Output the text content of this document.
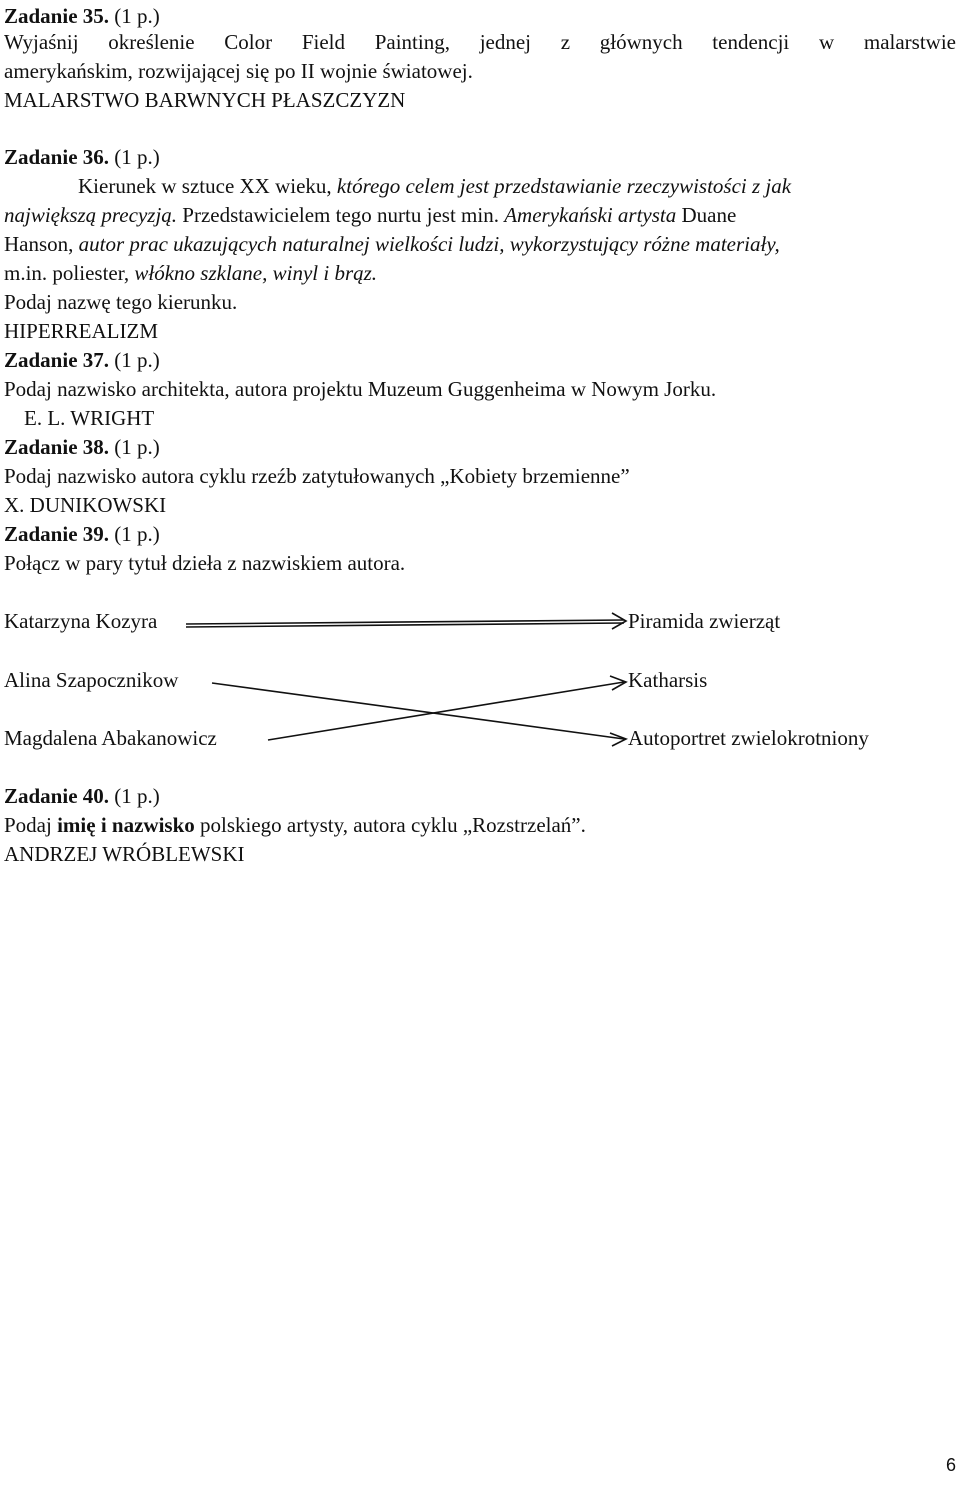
Zadanie 35. (1 p.)
Wyjaśnij określenie Color Field Painting, jednej z głównych tendencji w malarstwie
amerykańskim, rozwijającej się po II wojnie światowej.
MALARSTWO BARWNYCH PŁASZCZYZN
Zadanie 36. (1 p.)
Kierunek w sztuce XX wieku, którego celem jest przedstawianie rzeczywistości z jak
największą precyzją. Przedstawicielem tego nurtu jest min. Amerykański artysta Duane
Hanson, autor prac ukazujących naturalnej wielkości ludzi, wykorzystujący różne materiały,
m.in. poliester, włókno szklane, winyl i brąz.
Podaj nazwę tego kierunku.
HIPERREALIZM
Zadanie 37. (1 p.)
Podaj nazwisko architekta, autora projektu Muzeum Guggenheima w Nowym Jorku.
E. L. WRIGHT
Zadanie 38. (1 p.)
Podaj nazwisko autora cyklu rzeźb zatytułowanych „Kobiety brzemienne”
X. DUNIKOWSKI
Zadanie 39. (1 p.)
Połącz w pary tytuł dzieła z nazwiskiem autora.
Katarzyna Kozyra
Alina Szapocznikow
Magdalena Abakanowicz
Piramida zwierząt
Katharsis
Autoportret zwielokrotniony
Zadanie 40. (1 p.)
Podaj imię i nazwisko polskiego artysty, autora cyklu „Rozstrzelań”.
ANDRZEJ WRÓBLEWSKI
6
